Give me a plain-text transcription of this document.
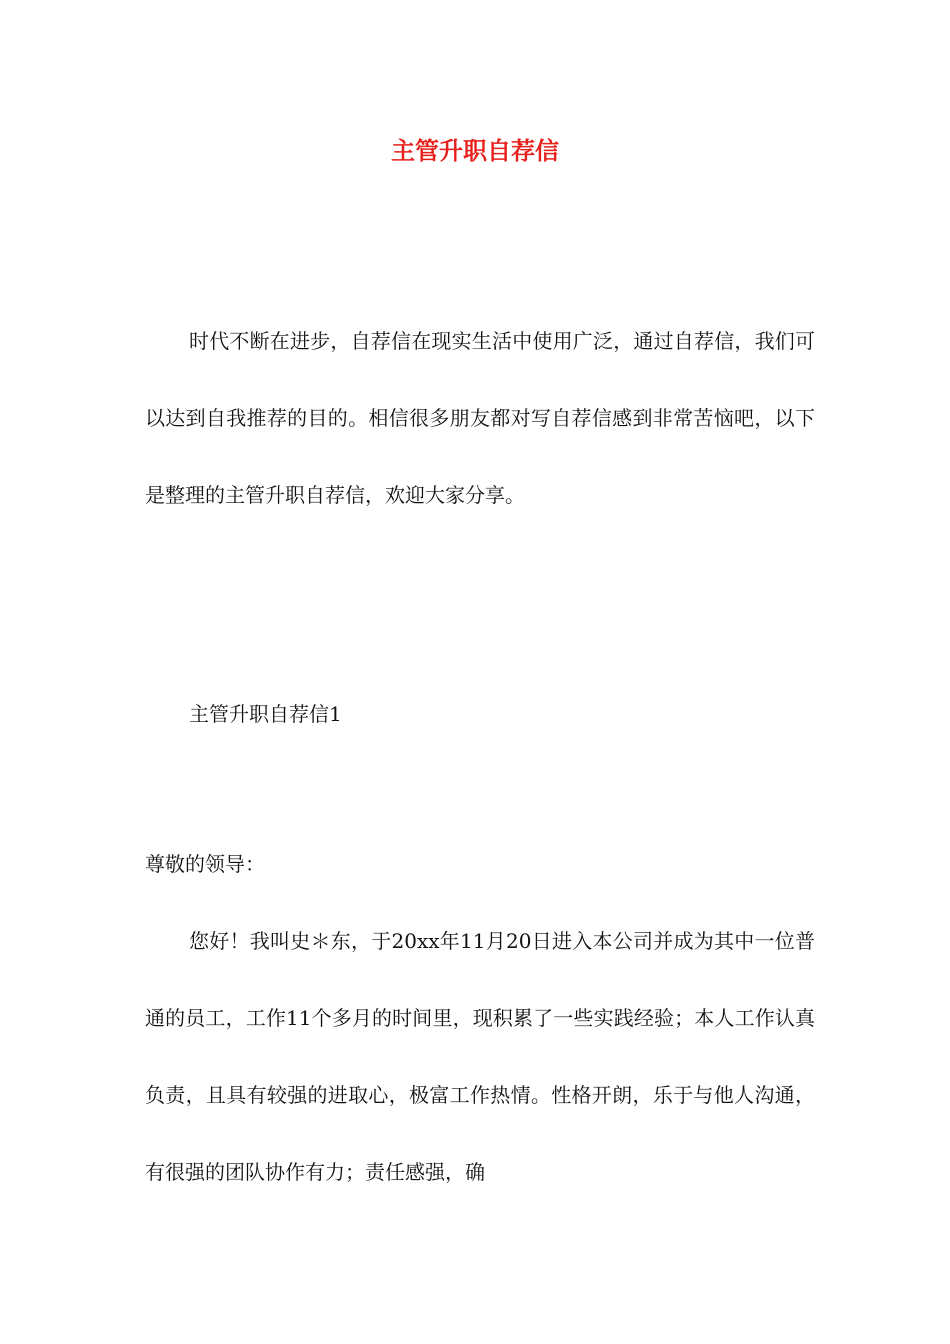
主管升职自荐信

时代不断在进步，自荐信在现实生活中使用广泛，通过自荐信，我们可以达到自我推荐的目的。相信很多朋友都对写自荐信感到非常苦恼吧，以下是整理的主管升职自荐信，欢迎大家分享。

主管升职自荐信1
尊敬的领导：

您好！我叫史＊东，于20xx年11月20日进入本公司并成为其中一位普通的员工，工作11个多月的时间里，现积累了一些实践经验；本人工作认真负责，且具有较强的进取心，极富工作热情。性格开朗，乐于与他人沟通，有很强的团队协作有力；责任感强，确
